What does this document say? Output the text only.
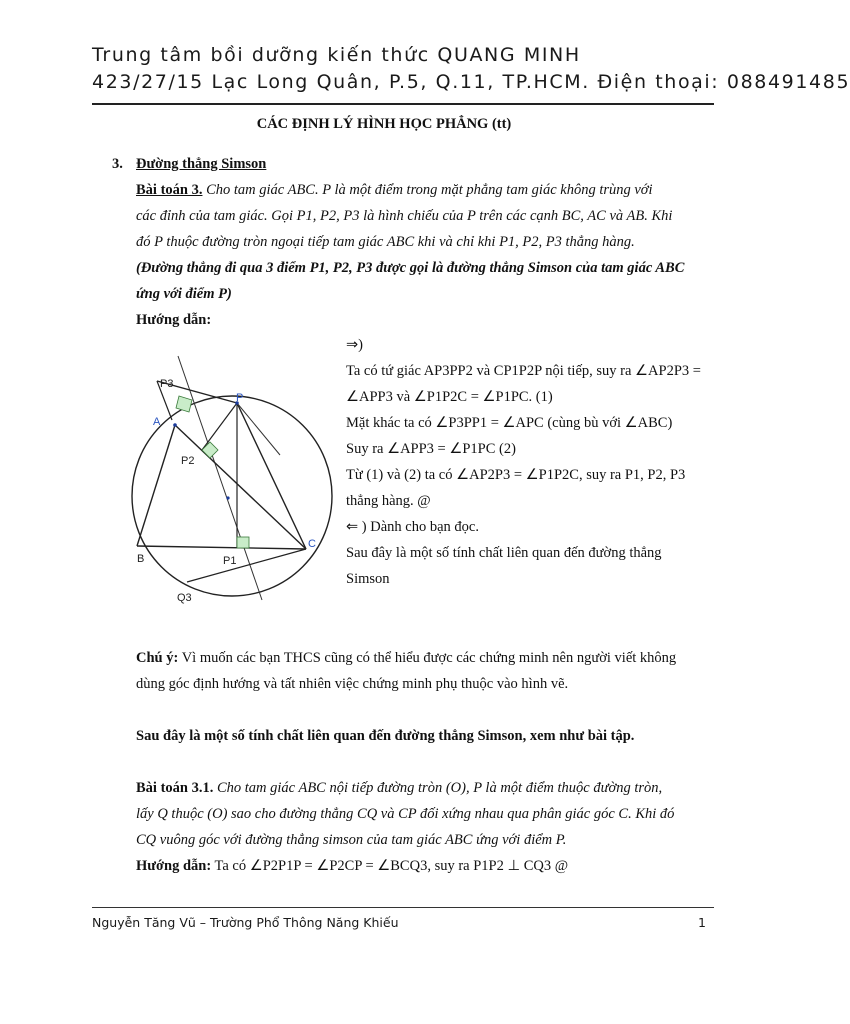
Trung tâm bồi dưỡng kiến thức QUANG MINH
423/27/15 Lạc Long Quân, P.5, Q.11, TP.HCM. Điện thoại: 088491485
CÁC ĐỊNH LÝ HÌNH HỌC PHẲNG (tt)
3. Đường thẳng Simson
Bài toán 3. Cho tam giác ABC. P là một điểm trong mặt phẳng tam giác không trùng với
các đỉnh của tam giác. Gọi P1, P2, P3 là hình chiếu của P trên các cạnh BC, AC và AB. Khi
đó P thuộc đường tròn ngoại tiếp tam giác ABC khi và chỉ khi P1, P2, P3 thẳng hàng.
(Đường thẳng đi qua 3 điểm P1, P2, P3 được gọi là đường thẳng Simson của tam giác ABC
ứng với điểm P)
Hướng dẫn:
P3
P
A
P2
B	P1
C
Q3
⇒)
Ta có tứ giác AP3PP2 và CP1P2P nội tiếp, suy ra ∠AP2P3 =
∠APP3 và ∠P1P2C = ∠P1PC. (1)
Mặt khác ta có ∠P3PP1 = ∠APC (cùng bù với ∠ABC)
Suy ra ∠APP3 = ∠P1PC (2)
Từ (1) và (2) ta có ∠AP2P3 = ∠P1P2C, suy ra P1, P2, P3
thẳng hàng. @
⇐ ) Dành cho bạn đọc.
Sau đây là một số tính chất liên quan đến đường thẳng
Simson
Chú ý: Vì muốn các bạn THCS cũng có thể hiểu được các chứng minh nên người viết không
dùng góc định hướng và tất nhiên việc chứng minh phụ thuộc vào hình vẽ.
Sau đây là một số tính chất liên quan đến đường thẳng Simson, xem như bài tập.
Bài toán 3.1. Cho tam giác ABC nội tiếp đường tròn (O), P là một điểm thuộc đường tròn,
lấy Q thuộc (O) sao cho đường thẳng CQ và CP đối xứng nhau qua phân giác góc C. Khi đó
CQ vuông góc với đường thẳng simson của tam giác ABC ứng với điểm P.
Hướng dẫn: Ta có ∠P2P1P = ∠P2CP = ∠BCQ3, suy ra P1P2 ⊥ CQ3 @
Nguyễn Tăng Vũ – Trường Phổ Thông Năng Khiếu	1
